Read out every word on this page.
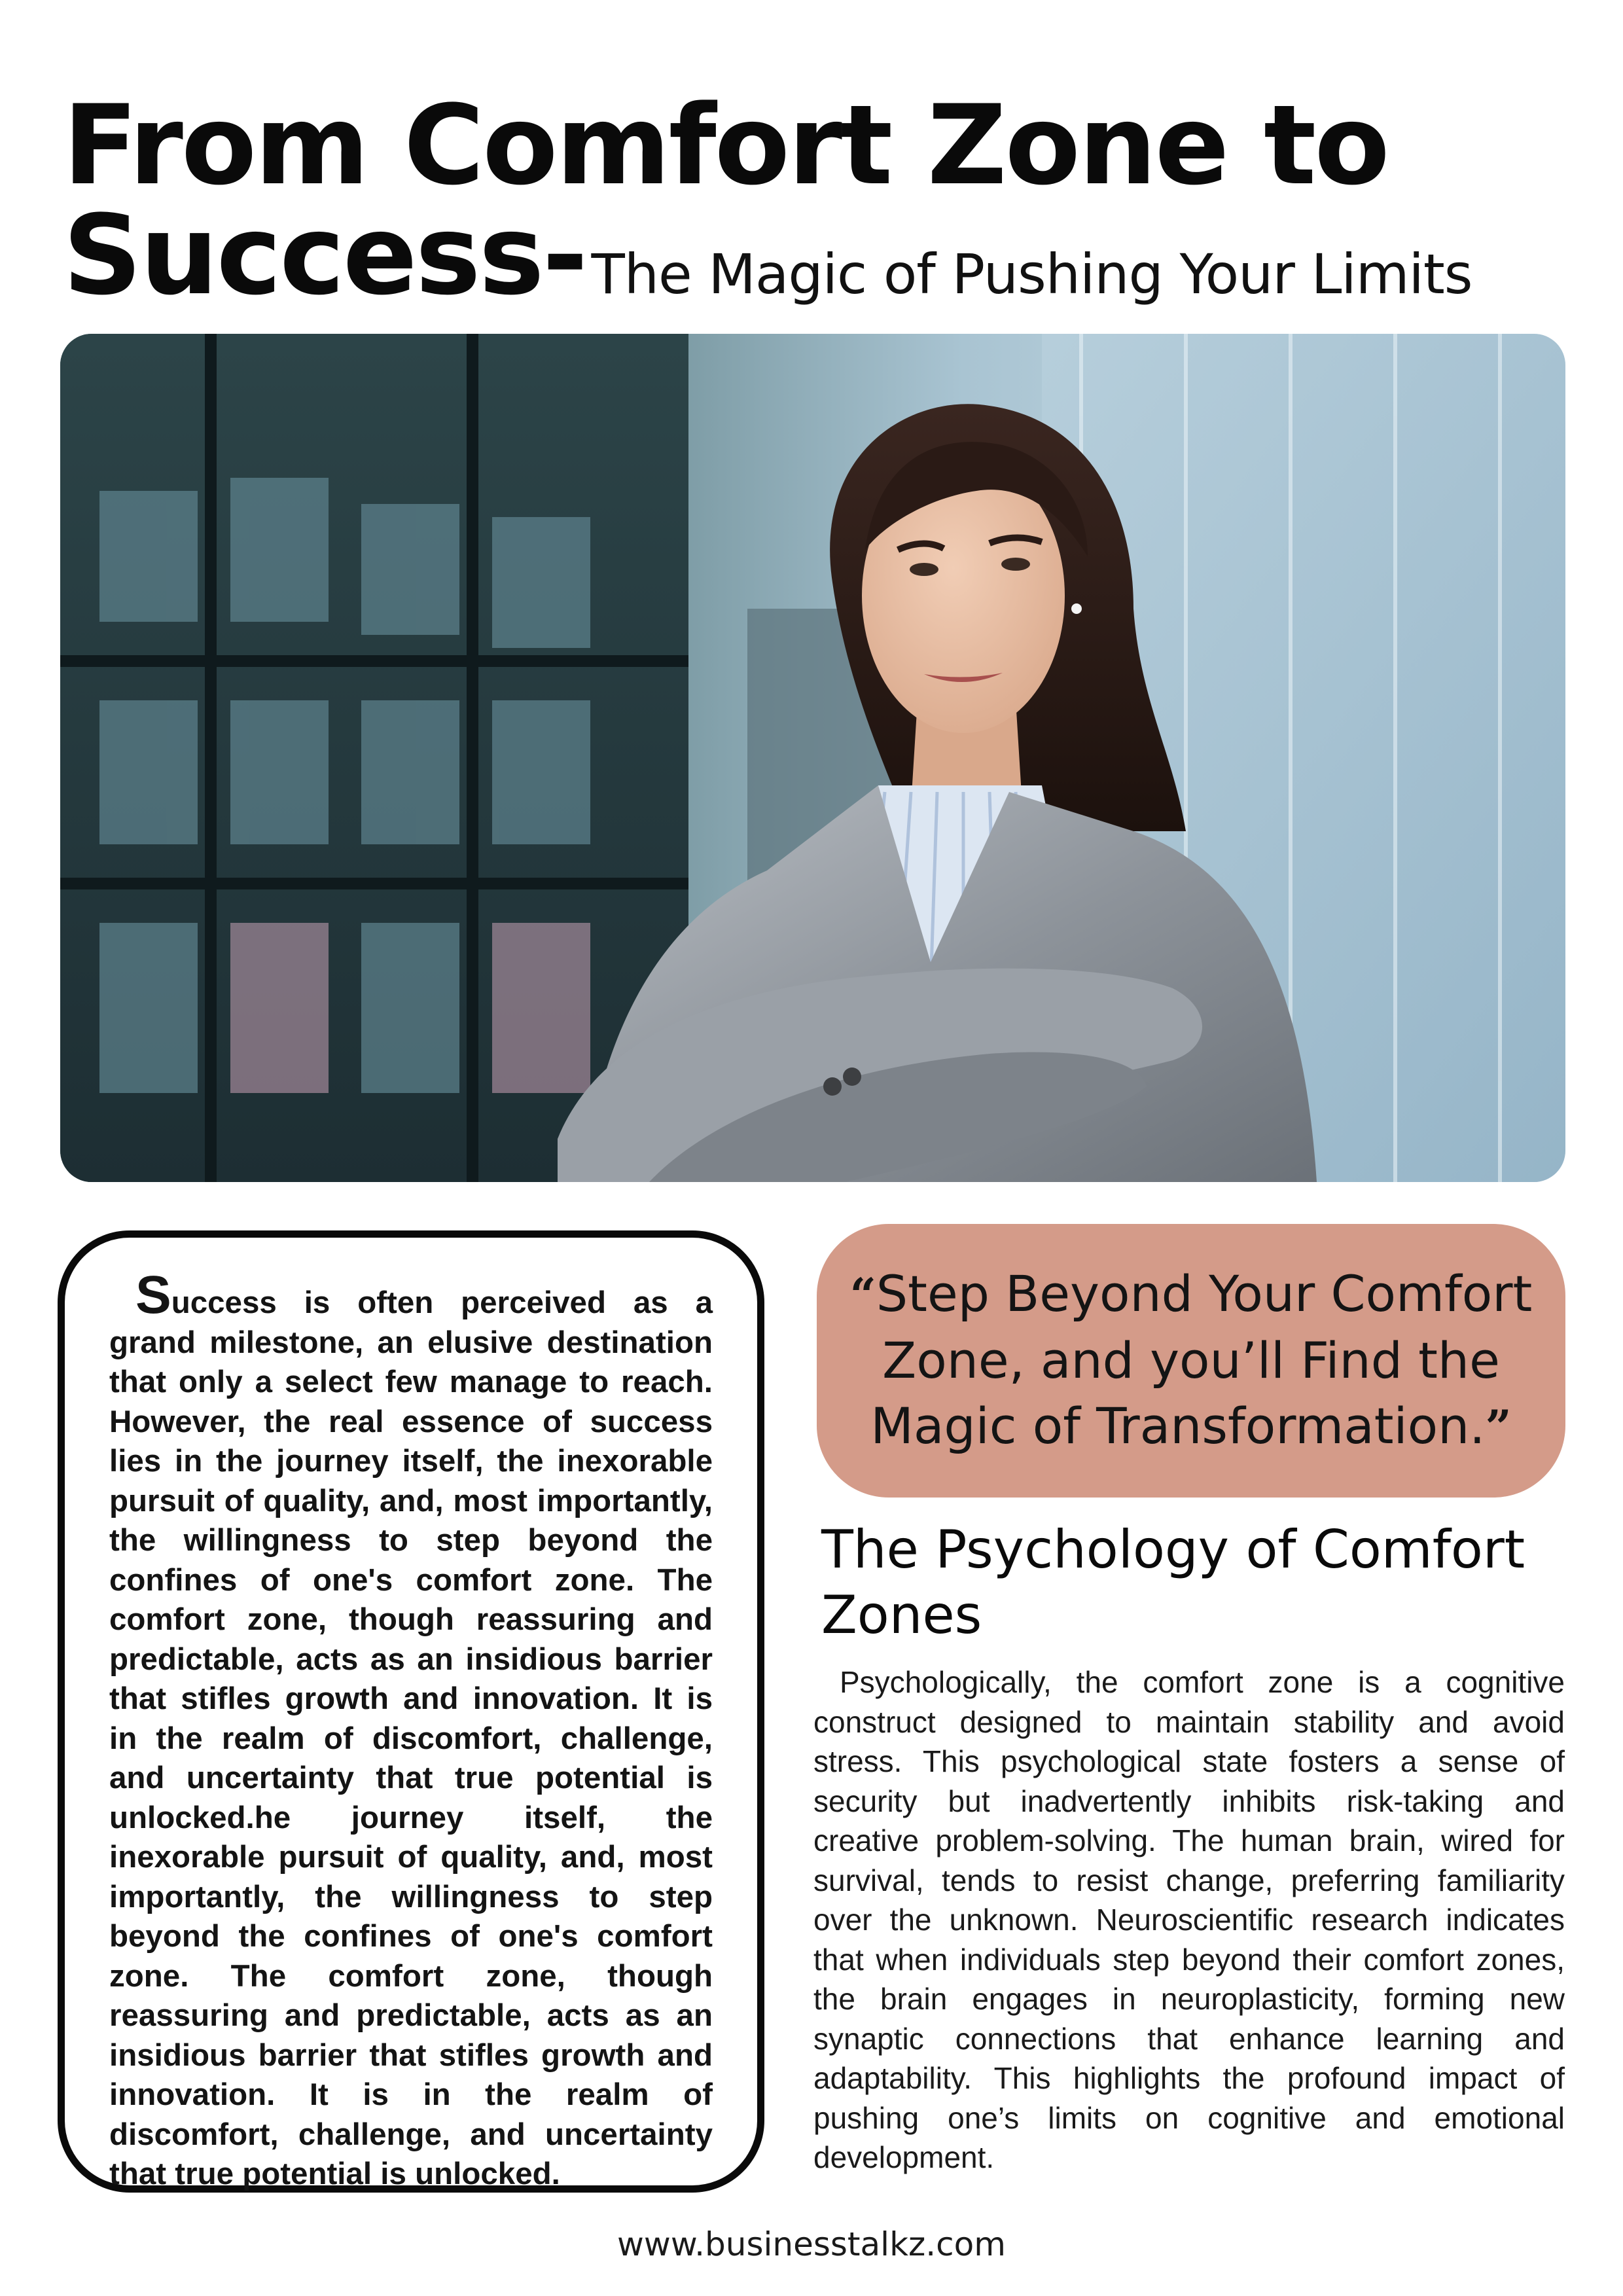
From Comfort Zone to
Success-The Magic of Pushing Your Limits

Success is often perceived as a grand milestone, an elusive destination that only a select few manage to reach. However, the real essence of success lies in the journey itself, the inexorable pursuit of quality, and, most importantly, the willingness to step beyond the confines of one's comfort zone. The comfort zone, though reassuring and predictable, acts as an insidious barrier that stifles growth and innovation. It is in the realm of discomfort, challenge, and uncertainty that true potential is unlocked.he journey itself, the inexorable pursuit of quality, and, most importantly, the willingness to step beyond the confines of one's comfort zone. The comfort zone, though reassuring and predictable, acts as an insidious barrier that stifles growth and innovation. It is in the realm of discomfort, challenge, and uncertainty that true potential is unlocked.

“Step Beyond Your Comfort Zone, and you’ll Find the Magic of Transformation.”

The Psychology of Comfort Zones

Psychologically, the comfort zone is a cognitive construct designed to maintain stability and avoid stress. This psychological state fosters a sense of security but inadvertently inhibits risk-taking and creative problem-solving. The human brain, wired for survival, tends to resist change, preferring familiarity over the unknown. Neuroscientific research indicates that when individuals step beyond their comfort zones, the brain engages in neuroplasticity, forming new synaptic connections that enhance learning and adaptability. This highlights the profound impact of pushing one’s limits on cognitive and emotional development.

www.businesstalkz.com
